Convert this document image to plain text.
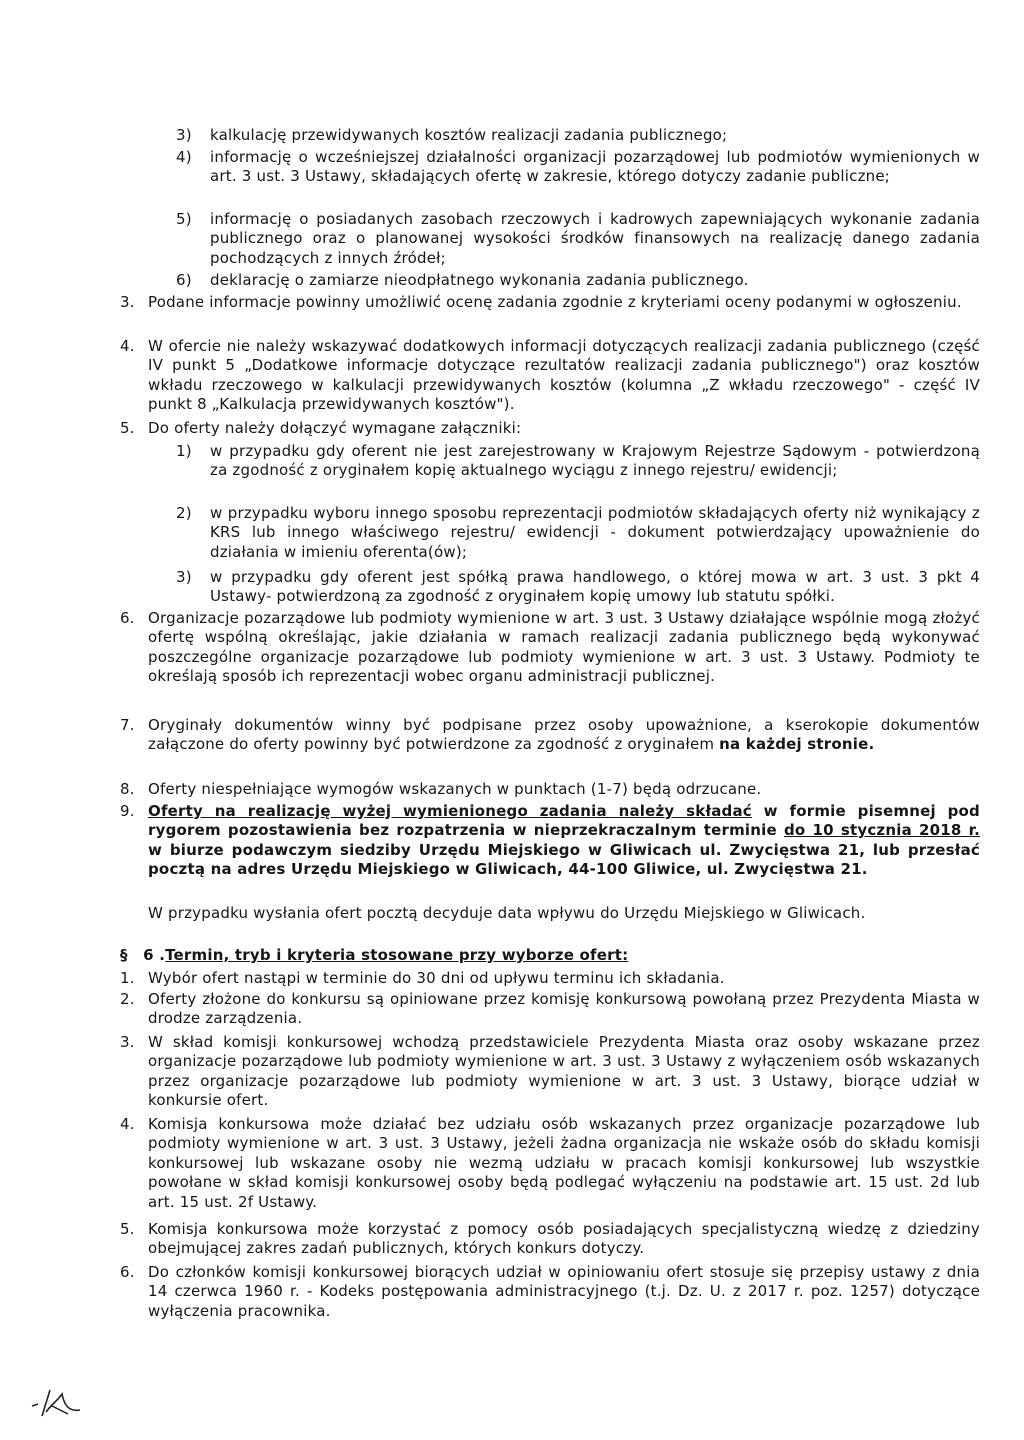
3) kalkulację przewidywanych kosztów realizacji zadania publicznego;
4) informację o wcześniejszej działalności organizacji pozarządowej lub podmiotów wymienionych w art. 3 ust. 3 Ustawy, składających ofertę w zakresie, którego dotyczy zadanie publiczne;
5) informację o posiadanych zasobach rzeczowych i kadrowych zapewniających wykonanie zadania publicznego oraz o planowanej wysokości środków finansowych na realizację danego zadania pochodzących z innych źródeł;
6) deklarację o zamiarze nieodpłatnego wykonania zadania publicznego.
3. Podane informacje powinny umożliwić ocenę zadania zgodnie z kryteriami oceny podanymi w ogłoszeniu.
4. W ofercie nie należy wskazywać dodatkowych informacji dotyczących realizacji zadania publicznego (część IV punkt 5 „Dodatkowe informacje dotyczące rezultatów realizacji zadania publicznego") oraz kosztów wkładu rzeczowego w kalkulacji przewidywanych kosztów (kolumna „Z wkładu rzeczowego" - część IV punkt 8 „Kalkulacja przewidywanych kosztów").
5. Do oferty należy dołączyć wymagane załączniki:
1) w przypadku gdy oferent nie jest zarejestrowany w Krajowym Rejestrze Sądowym - potwierdzoną za zgodność z oryginałem kopię aktualnego wyciągu z innego rejestru/ ewidencji;
2) w przypadku wyboru innego sposobu reprezentacji podmiotów składających oferty niż wynikający z KRS lub innego właściwego rejestru/ ewidencji - dokument potwierdzający upoważnienie do działania w imieniu oferenta(ów);
3) w przypadku gdy oferent jest spółką prawa handlowego, o której mowa w art. 3 ust. 3 pkt 4 Ustawy- potwierdzoną za zgodność z oryginałem kopię umowy lub statutu spółki.
6. Organizacje pozarządowe lub podmioty wymienione w art. 3 ust. 3 Ustawy działające wspólnie mogą złożyć ofertę wspólną określając, jakie działania w ramach realizacji zadania publicznego będą wykonywać poszczególne organizacje pozarządowe lub podmioty wymienione w art. 3 ust. 3 Ustawy. Podmioty te określają sposób ich reprezentacji wobec organu administracji publicznej.
7. Oryginały dokumentów winny być podpisane przez osoby upoważnione, a kserokopie dokumentów załączone do oferty powinny być potwierdzone za zgodność z oryginałem na każdej stronie.
8. Oferty niespełniające wymogów wskazanych w punktach (1-7) będą odrzucane.
9. Oferty na realizację wyżej wymienionego zadania należy składać w formie pisemnej pod rygorem pozostawienia bez rozpatrzenia w nieprzekraczalnym terminie do 10 stycznia 2018 r. w biurze podawczym siedziby Urzędu Miejskiego w Gliwicach ul. Zwycięstwa 21, lub przesłać pocztą na adres Urzędu Miejskiego w Gliwicach, 44-100 Gliwice, ul. Zwycięstwa 21.
W przypadku wysłania ofert pocztą decyduje data wpływu do Urzędu Miejskiego w Gliwicach.
§ 6 .Termin, tryb i kryteria stosowane przy wyborze ofert:
1. Wybór ofert nastąpi w terminie do 30 dni od upływu terminu ich składania.
2. Oferty złożone do konkursu są opiniowane przez komisję konkursową powołaną przez Prezydenta Miasta w drodze zarządzenia.
3. W skład komisji konkursowej wchodzą przedstawiciele Prezydenta Miasta oraz osoby wskazane przez organizacje pozarządowe lub podmioty wymienione w art. 3 ust. 3 Ustawy z wyłączeniem osób wskazanych przez organizacje pozarządowe lub podmioty wymienione w art. 3 ust. 3 Ustawy, biorące udział w konkursie ofert.
4. Komisja konkursowa może działać bez udziału osób wskazanych przez organizacje pozarządowe lub podmioty wymienione w art. 3 ust. 3 Ustawy, jeżeli żadna organizacja nie wskaże osób do składu komisji konkursowej lub wskazane osoby nie wezmą udziału w pracach komisji konkursowej lub wszystkie powołane w skład komisji konkursowej osoby będą podlegać wyłączeniu na podstawie art. 15 ust. 2d lub art. 15 ust. 2f Ustawy.
5. Komisja konkursowa może korzystać z pomocy osób posiadających specjalistyczną wiedzę z dziedziny obejmującej zakres zadań publicznych, których konkurs dotyczy.
6. Do członków komisji konkursowej biorących udział w opiniowaniu ofert stosuje się przepisy ustawy z dnia 14 czerwca 1960 r. - Kodeks postępowania administracyjnego (t.j. Dz. U. z 2017 r. poz. 1257) dotyczące wyłączenia pracownika.
